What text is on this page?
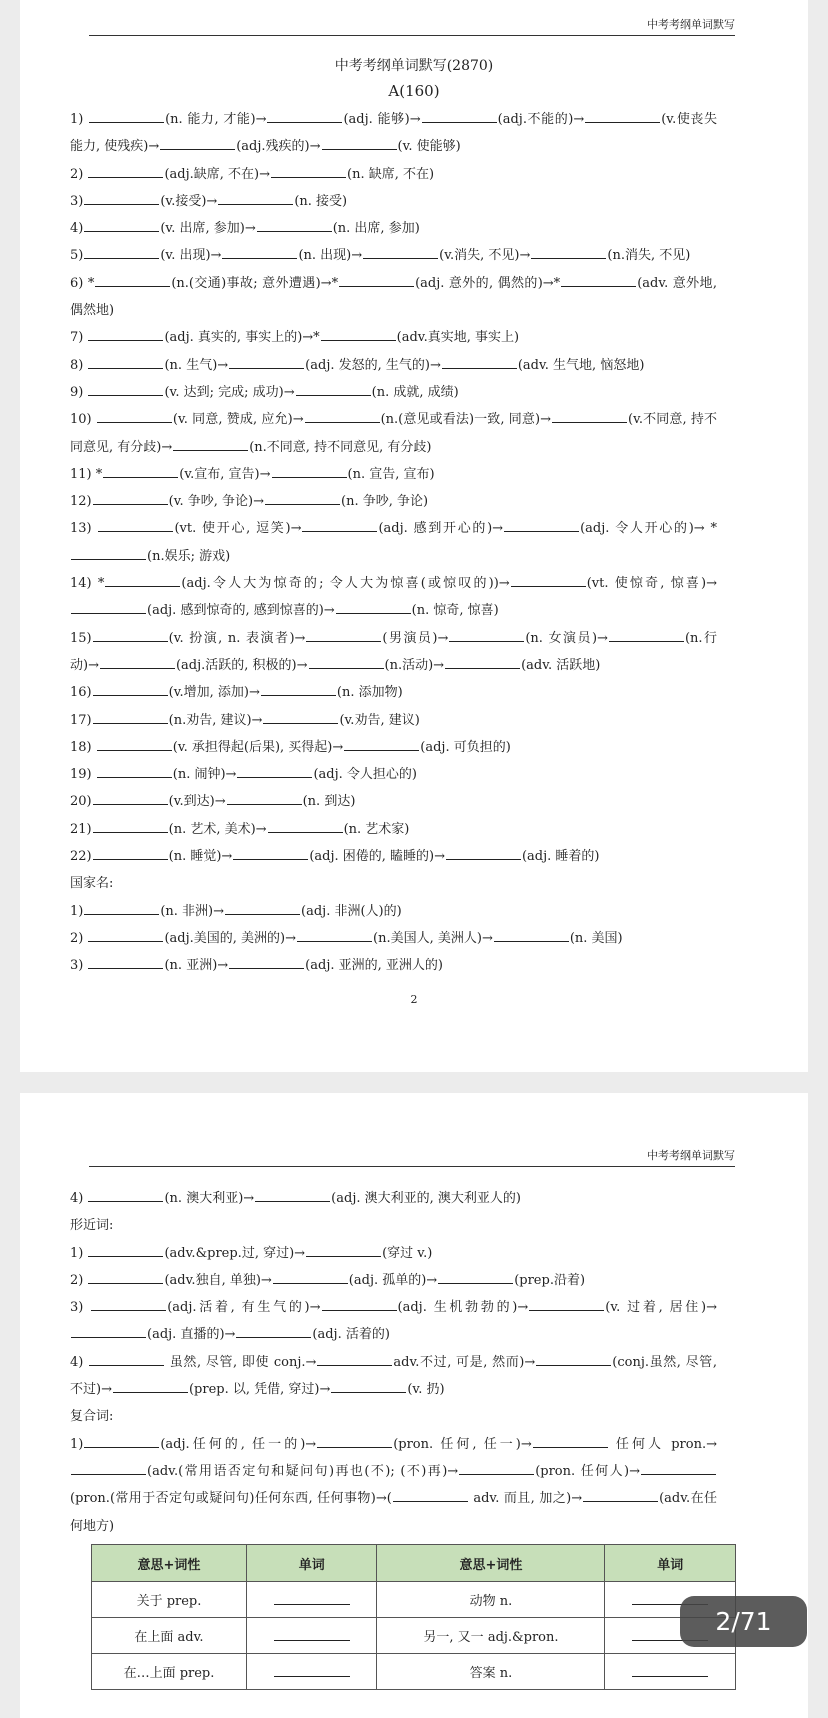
中考考纲单词默写
中考考纲单词默写(2870)
A(160)
2

1)	(n. 能力, 才能)→	(adj. 能够)→	(adj.不能的)→	(v.使丧失能力, 使残疾)→	(adj.残疾的)→	(v. 使能够)

2)	(adj.缺席, 不在)→	(n. 缺席, 不在)

3)	(v.接受)→	(n. 接受)

4)	(v. 出席, 参加)→	(n. 出席, 参加)

5)	(v. 出现)→	(n. 出现)→	(v.消失, 不见)→	(n.消失, 不见)

6) *	(n.(交通)事故; 意外遭遇)→*	(adj. 意外的, 偶然的)→*	(adv. 意外地, 偶然地)

7)	(adj. 真实的, 事实上的)→*	(adv.真实地, 事实上)

8)	(n. 生气)→	(adj. 发怒的, 生气的)→	(adv. 生气地, 恼怒地)

9)	(v. 达到; 完成; 成功)→	(n. 成就, 成绩)

10)	(v. 同意, 赞成, 应允)→	(n.(意见或看法)一致, 同意)→	(v.不同意, 持不同意见, 有分歧)→	(n.不同意, 持不同意见, 有分歧)

11) *	(v.宣布, 宣告)→	(n. 宣告, 宣布)

12)	(v. 争吵, 争论)→	(n. 争吵, 争论)

13)	(vt. 使开心, 逗笑)→	(adj. 感到开心的)→	(adj. 令人开心的)→ *(n.娱乐; 游戏)

14) *	(adj.令人大为惊奇的; 令人大为惊喜(或惊叹的))→	(vt. 使惊奇, 惊喜)→(adj. 感到惊奇的, 感到惊喜的)→	(n. 惊奇, 惊喜)

15)	(v. 扮演, n. 表演者)→	(男演员)→	(n. 女演员)→	(n.行动)→	(adj.活跃的, 积极的)→	(n.活动)→	(adv. 活跃地)

16)	(v.增加, 添加)→	(n. 添加物)

17)	(n.劝告, 建议)→	(v.劝告, 建议)

18)	(v. 承担得起(后果), 买得起)→	(adj. 可负担的)

19)	(n. 闹钟)→	(adj. 令人担心的)

20)	(v.到达)→	(n. 到达)

21)	(n. 艺术, 美术)→	(n. 艺术家)

22)	(n. 睡觉)→	(adj. 困倦的, 瞌睡的)→	(adj. 睡着的)

国家名:

1)	(n. 非洲)→	(adj. 非洲(人)的)

2)	(adj.美国的, 美洲的)→	(n.美国人, 美洲人)→	(n. 美国)

3)	(n. 亚洲)→	(adj. 亚洲的, 亚洲人的)

中考考纲单词默写

4)	(n. 澳大利亚)→	(adj. 澳大利亚的, 澳大利亚人的)

形近词:

1)	(adv.&prep.过, 穿过)→	(穿过 v.)

2)	(adv.独自, 单独)→	(adj. 孤单的)→	(prep.沿着)

3)	(adj.活着, 有生气的)→	(adj. 生机勃勃的)→	(v. 过着, 居住)→(adj. 直播的)→	(adj. 活着的)

4)	虽然, 尽管, 即使 conj.→	adv.不过, 可是, 然而)→	(conj.虽然, 尽管, 不过)→	(prep. 以, 凭借, 穿过)→	(v. 扔)

复合词:

1)	(adj.任何的, 任一的)→	(pron. 任何, 任一)→	任何人 pron.→(adv.(常用语否定句和疑问句)再也(不); (不)再)→	(pron. 任何人)→(pron.(常用于否定句或疑问句)任何东西, 任何事物)→(	adv. 而且, 加之)→	(adv.在任何地方)

意思+词性	单词	意思+词性	单词
关于 prep.		动物 n.	
在上面 adv.		另一, 又一 adj.&pron.	
在…上面 prep.		答案 n.	
2/71
